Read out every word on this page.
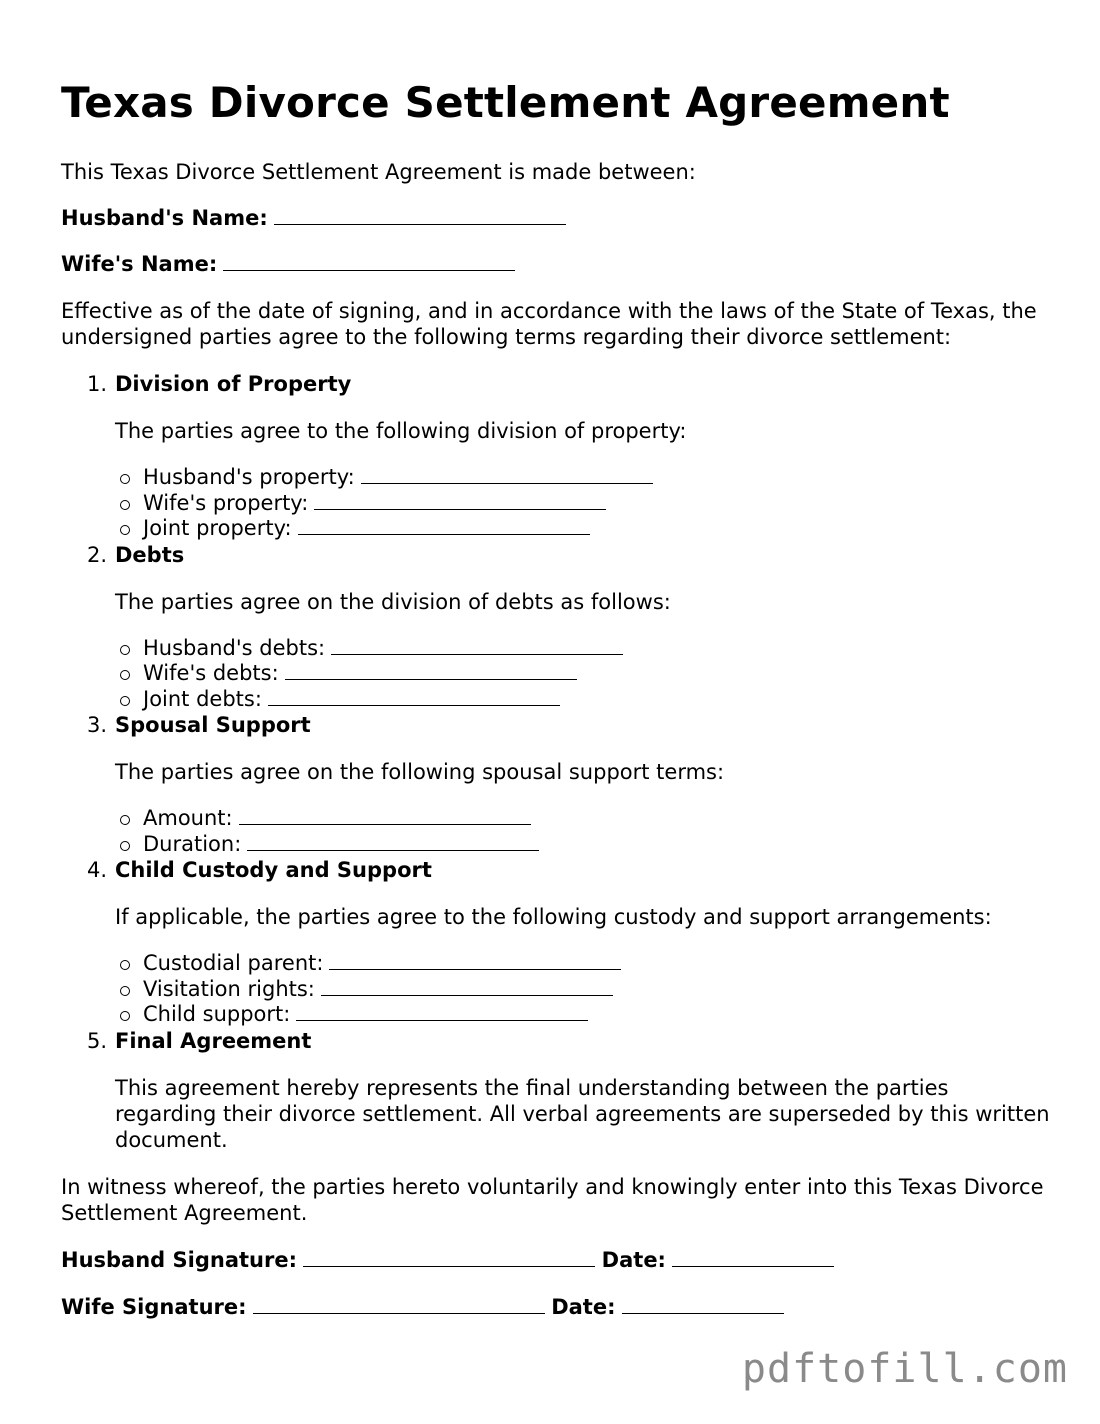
Texas Divorce Settlement Agreement

This Texas Divorce Settlement Agreement is made between:

Husband's Name:

Wife's Name:

Effective as of the date of signing, and in accordance with the laws of the State of Texas, the undersigned parties agree to the following terms regarding their divorce settlement:

1. Division of Property

The parties agree to the following division of property:

Husband's property:
Wife's property:
Joint property:
2. Debts

The parties agree on the division of debts as follows:

Husband's debts:
Wife's debts:
Joint debts:
3. Spousal Support

The parties agree on the following spousal support terms:

Amount:
Duration:
4. Child Custody and Support

If applicable, the parties agree to the following custody and support arrangements:

Custodial parent:
Visitation rights:
Child support:
5. Final Agreement

This agreement hereby represents the final understanding between the parties regarding their divorce settlement. All verbal agreements are superseded by this written document.

In witness whereof, the parties hereto voluntarily and knowingly enter into this Texas Divorce Settlement Agreement.

Husband Signature:	Date:

Wife Signature:	Date:

pdftofill.com
